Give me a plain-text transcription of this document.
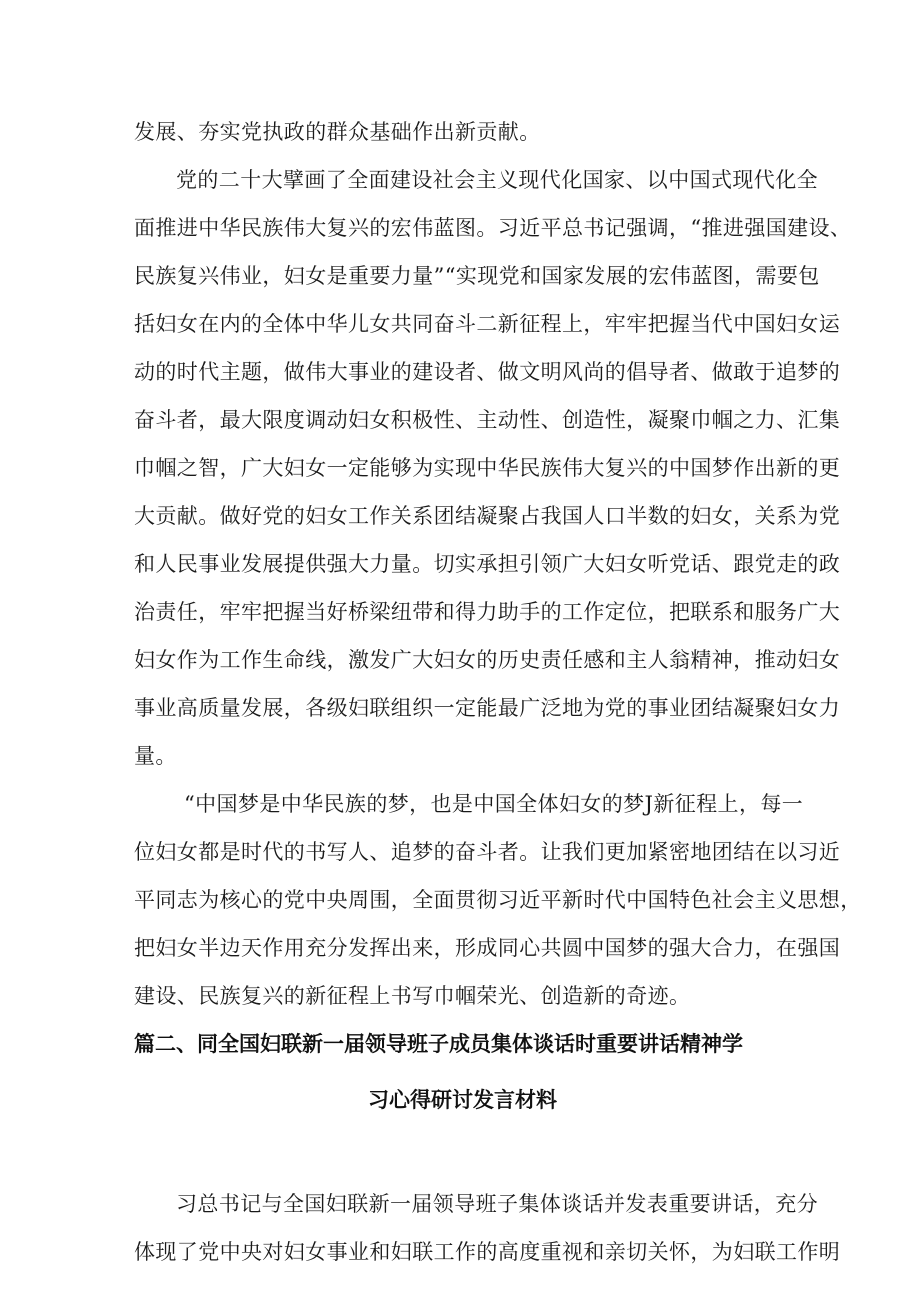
发展、夯实党执政的群众基础作出新贡献。
党的二十大擘画了全面建设社会主义现代化国家、以中国式现代化全
面推进中华民族伟大复兴的宏伟蓝图。习近平总书记强调，“推进强国建设、
民族复兴伟业，妇女是重要力量”“实现党和国家发展的宏伟蓝图，需要包
括妇女在内的全体中华儿女共同奋斗二新征程上，牢牢把握当代中国妇女运
动的时代主题，做伟大事业的建设者、做文明风尚的倡导者、做敢于追梦的
奋斗者，最大限度调动妇女积极性、主动性、创造性，凝聚巾帼之力、汇集
巾帼之智，广大妇女一定能够为实现中华民族伟大复兴的中国梦作出新的更
大贡献。做好党的妇女工作关系团结凝聚占我国人口半数的妇女，关系为党
和人民事业发展提供强大力量。切实承担引领广大妇女听党话、跟党走的政
治责任，牢牢把握当好桥梁纽带和得力助手的工作定位，把联系和服务广大
妇女作为工作生命线，激发广大妇女的历史责任感和主人翁精神，推动妇女
事业高质量发展，各级妇联组织一定能最广泛地为党的事业团结凝聚妇女力
量。
“中国梦是中华民族的梦，也是中国全体妇女的梦J新征程上，每一
位妇女都是时代的书写人、追梦的奋斗者。让我们更加紧密地团结在以习近
平同志为核心的党中央周围，全面贯彻习近平新时代中国特色社会主义思想，
把妇女半边天作用充分发挥出来，形成同心共圆中国梦的强大合力，在强国
建设、民族复兴的新征程上书写巾帼荣光、创造新的奇迹。
篇二、同全国妇联新一届领导班子成员集体谈话时重要讲话精神学
习心得研讨发言材料
习总书记与全国妇联新一届领导班子集体谈话并发表重要讲话，充分
体现了党中央对妇女事业和妇联工作的高度重视和亲切关怀，为妇联工作明
